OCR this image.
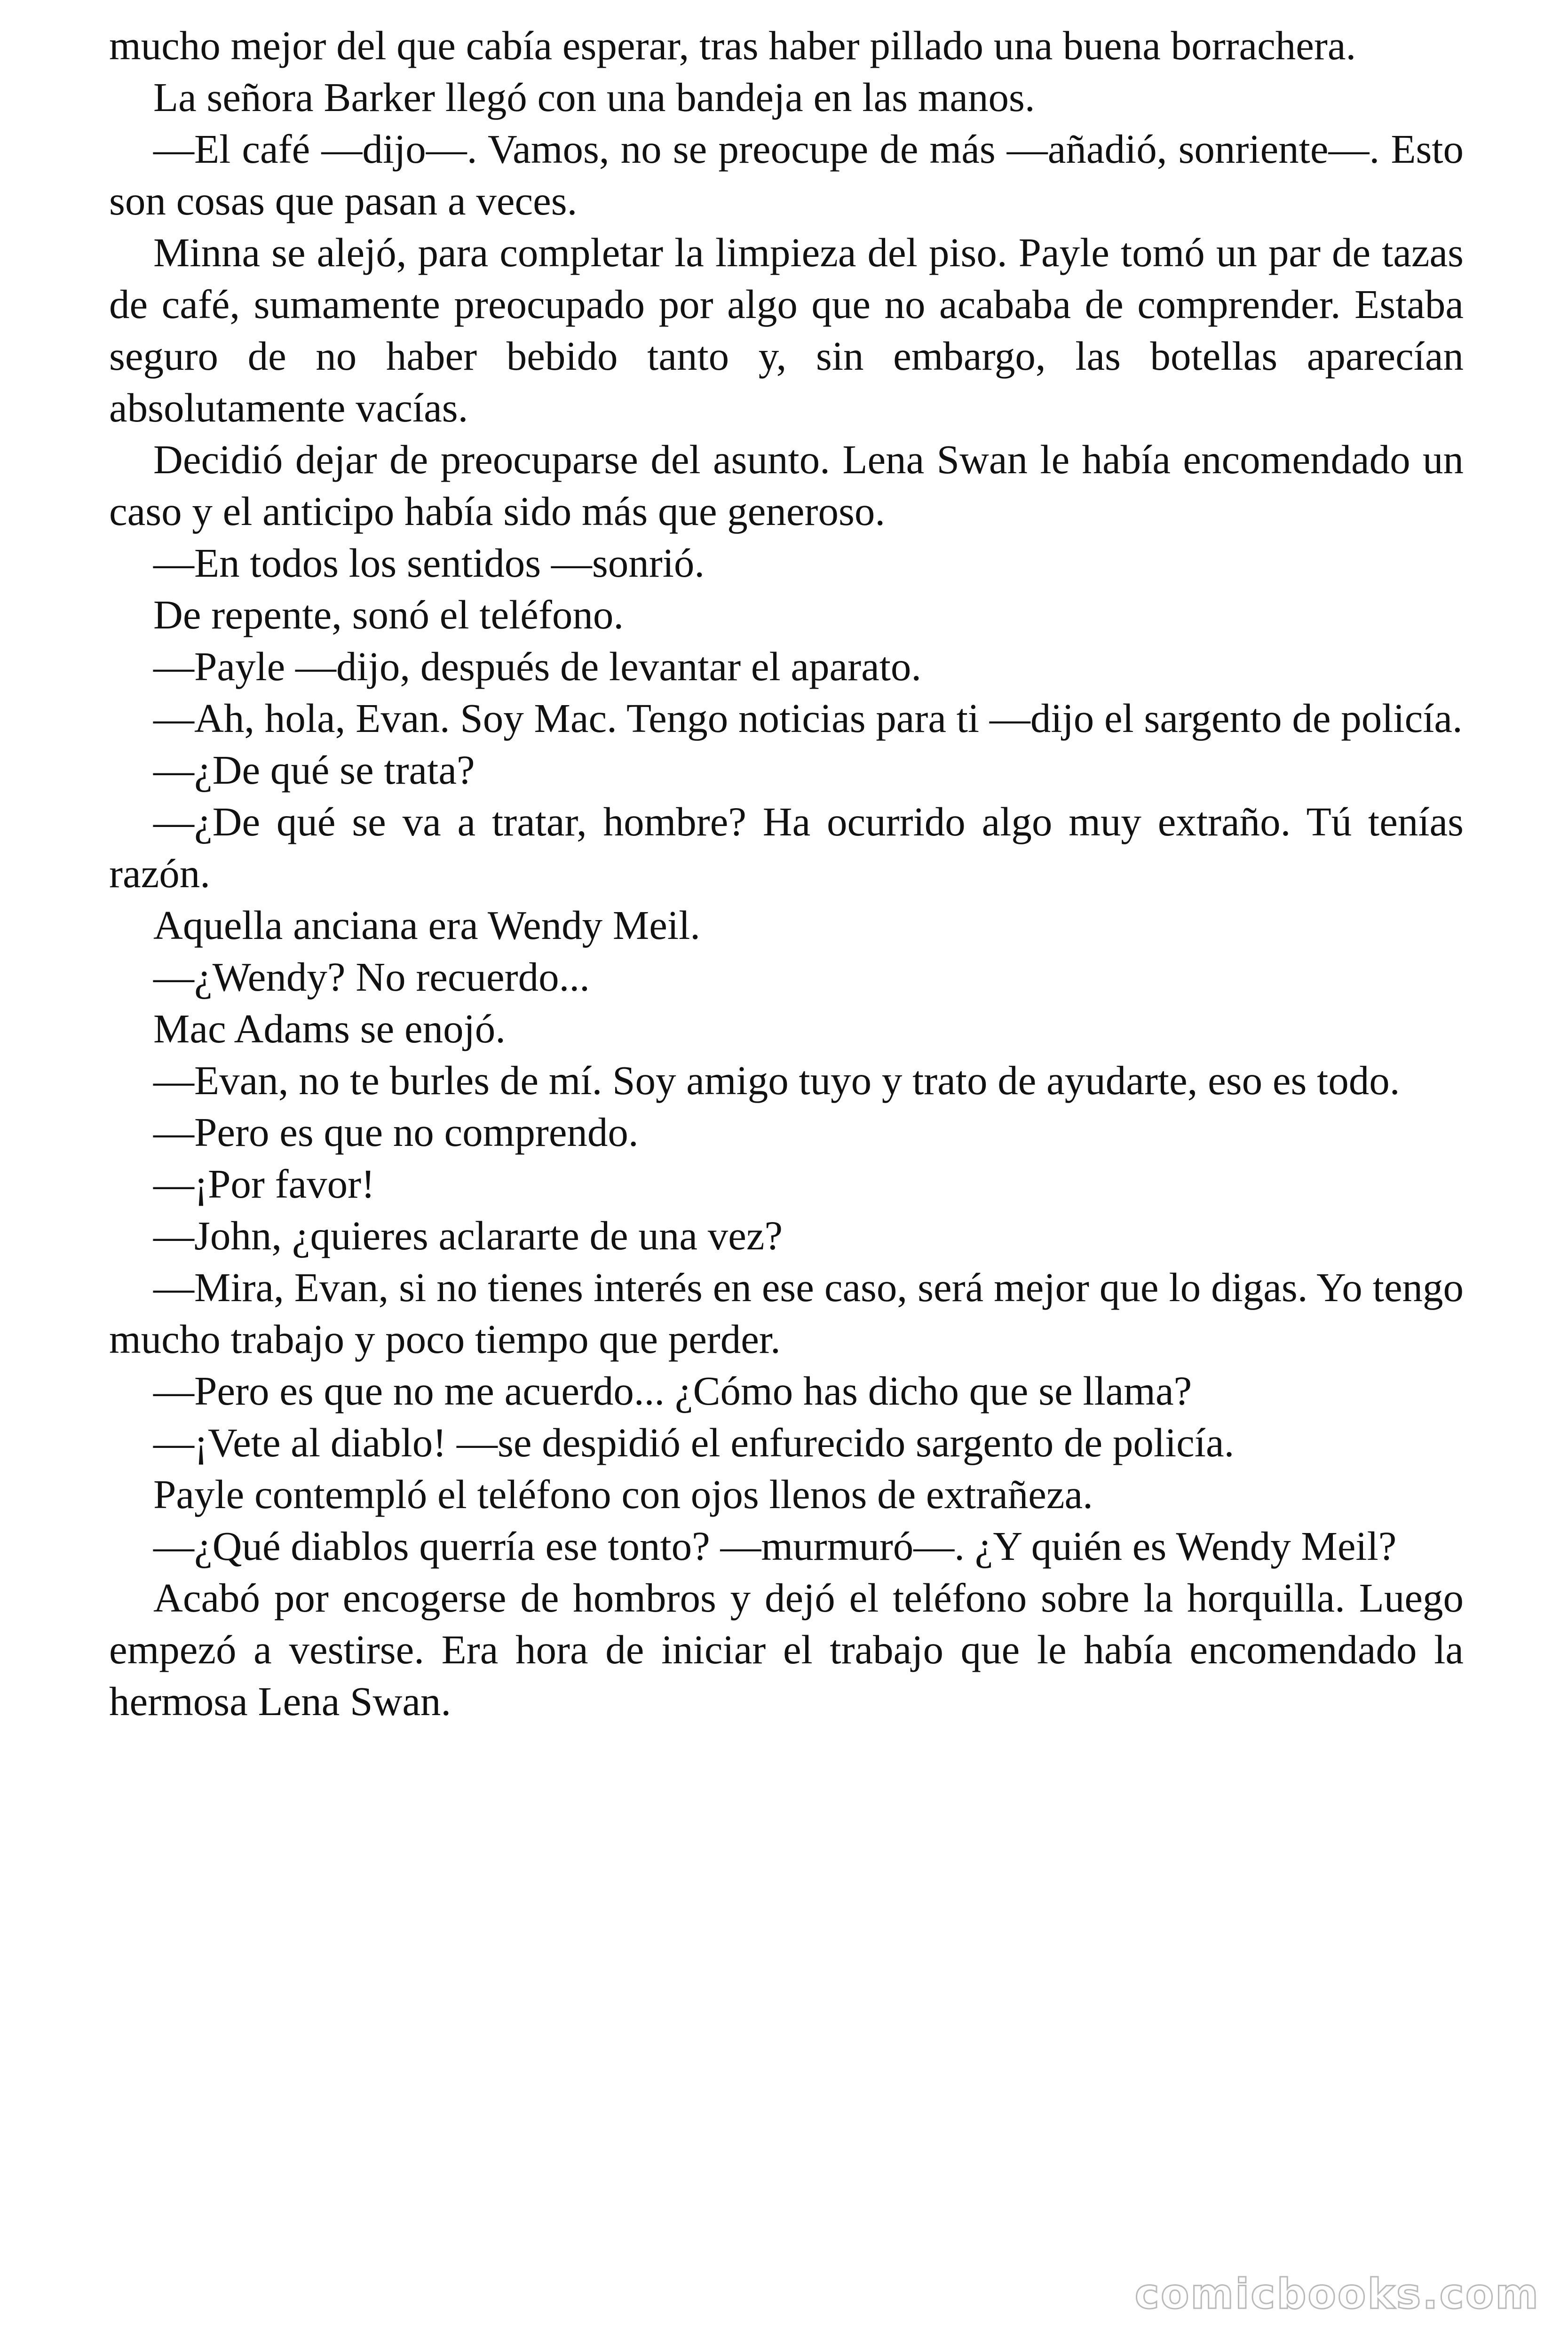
mucho mejor del que cabía esperar, tras haber pillado una buena borrachera.

La señora Barker llegó con una bandeja en las manos.

—El café —dijo—. Vamos, no se preocupe de más —añadió, sonriente—. Esto son cosas que pasan a veces.

Minna se alejó, para completar la limpieza del piso. Payle tomó un par de tazas de café, sumamente preocupado por algo que no acababa de comprender. Estaba seguro de no haber bebido tanto y, sin embargo, las botellas aparecían absolutamente vacías.

Decidió dejar de preocuparse del asunto. Lena Swan le había encomendado un caso y el anticipo había sido más que generoso.

—En todos los sentidos —sonrió.

De repente, sonó el teléfono.

—Payle —dijo, después de levantar el aparato.

—Ah, hola, Evan. Soy Mac. Tengo noticias para ti —dijo el sargento de policía.

—¿De qué se trata?

—¿De qué se va a tratar, hombre? Ha ocurrido algo muy extraño. Tú tenías razón.

Aquella anciana era Wendy Meil.

—¿Wendy? No recuerdo...

Mac Adams se enojó.

—Evan, no te burles de mí. Soy amigo tuyo y trato de ayudarte, eso es todo.

—Pero es que no comprendo.

—¡Por favor!

—John, ¿quieres aclararte de una vez?

—Mira, Evan, si no tienes interés en ese caso, será mejor que lo digas. Yo tengo mucho trabajo y poco tiempo que perder.

—Pero es que no me acuerdo... ¿Cómo has dicho que se llama?

—¡Vete al diablo! —se despidió el enfurecido sargento de policía.

Payle contempló el teléfono con ojos llenos de extrañeza.

—¿Qué diablos querría ese tonto? —murmuró—. ¿Y quién es Wendy Meil?

Acabó por encogerse de hombros y dejó el teléfono sobre la horquilla. Luego empezó a vestirse. Era hora de iniciar el trabajo que le había encomendado la hermosa Lena Swan.

comicbooks.com
